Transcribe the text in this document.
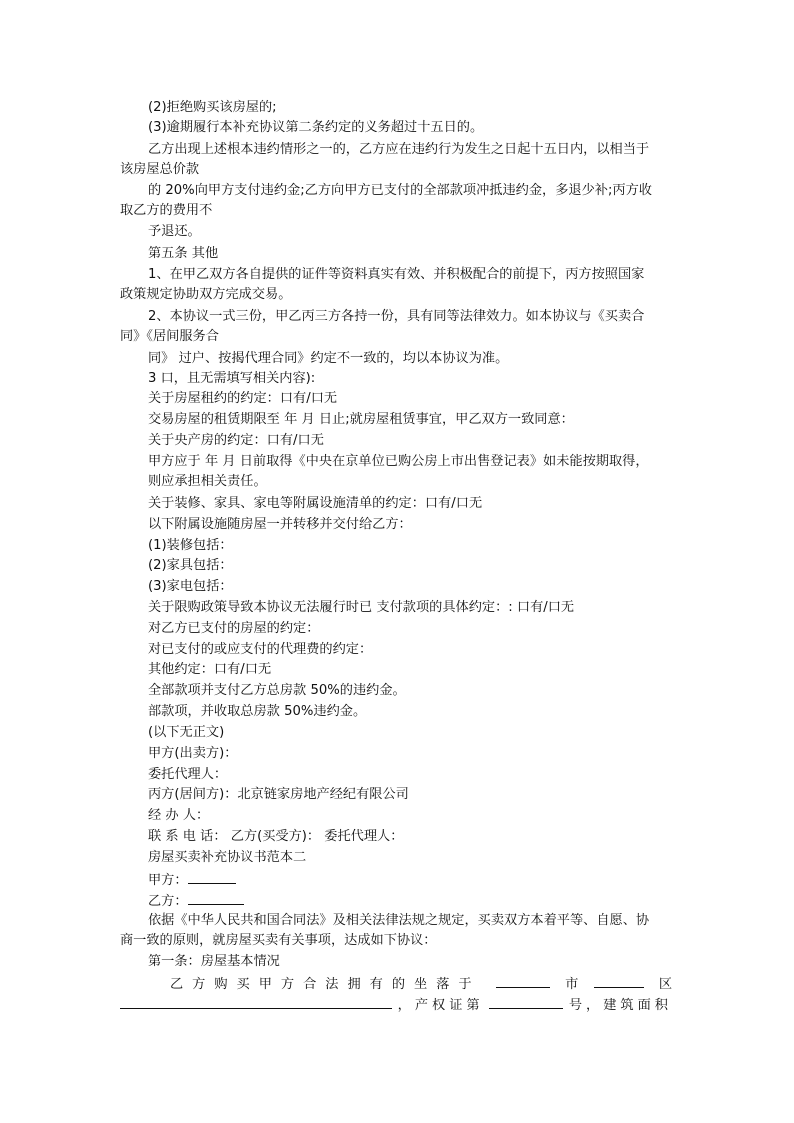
(2)拒绝购买该房屋的;
(3)逾期履行本补充协议第二条约定的义务超过十五日的。
乙方出现上述根本违约情形之一的，乙方应在违约行为发生之日起十五日内，以相当于
该房屋总价款
的 20%向甲方支付违约金;乙方向甲方已支付的全部款项冲抵违约金，多退少补;丙方收
取乙方的费用不
予退还。
第五条 其他
1、在甲乙双方各自提供的证件等资料真实有效、并积极配合的前提下，丙方按照国家
政策规定协助双方完成交易。
2、本协议一式三份，甲乙丙三方各持一份，具有同等法律效力。如本协议与《买卖合
同》《居间服务合
同》 过户、按揭代理合同》约定不一致的，均以本协议为准。
3 口，且无需填写相关内容):
关于房屋租约的约定：口有/口无
交易房屋的租赁期限至 年 月 日止;就房屋租赁事宜，甲乙双方一致同意：
关于央产房的约定：口有/口无
甲方应于 年 月 日前取得《中央在京单位已购公房上市出售登记表》如未能按期取得，
则应承担相关责任。
关于装修、家具、家电等附属设施清单的约定：口有/口无
以下附属设施随房屋一并转移并交付给乙方：
(1)装修包括：
(2)家具包括：
(3)家电包括：
关于限购政策导致本协议无法履行时已 支付款项的具体约定：: 口有/口无
对乙方已支付的房屋的约定：
对已支付的或应支付的代理费的约定：
其他约定：口有/口无
全部款项并支付乙方总房款 50%的违约金。
部款项，并收取总房款 50%违约金。
(以下无正文)
甲方(出卖方)：
委托代理人：
丙方(居间方)：北京链家房地产经纪有限公司
经 办 人：
联 系 电 话： 乙方(买受方)： 委托代理人：
房屋买卖补充协议书范本二
甲方：
乙方：
依据《中华人民共和国合同法》及相关法律法规之规定，买卖双方本着平等、自愿、协
商一致的原则，就房屋买卖有关事项，达成如下协议：
第一条：房屋基本情况
乙方购买甲方合法拥有的坐落于	市	区
，产权证第	号，建筑面积
